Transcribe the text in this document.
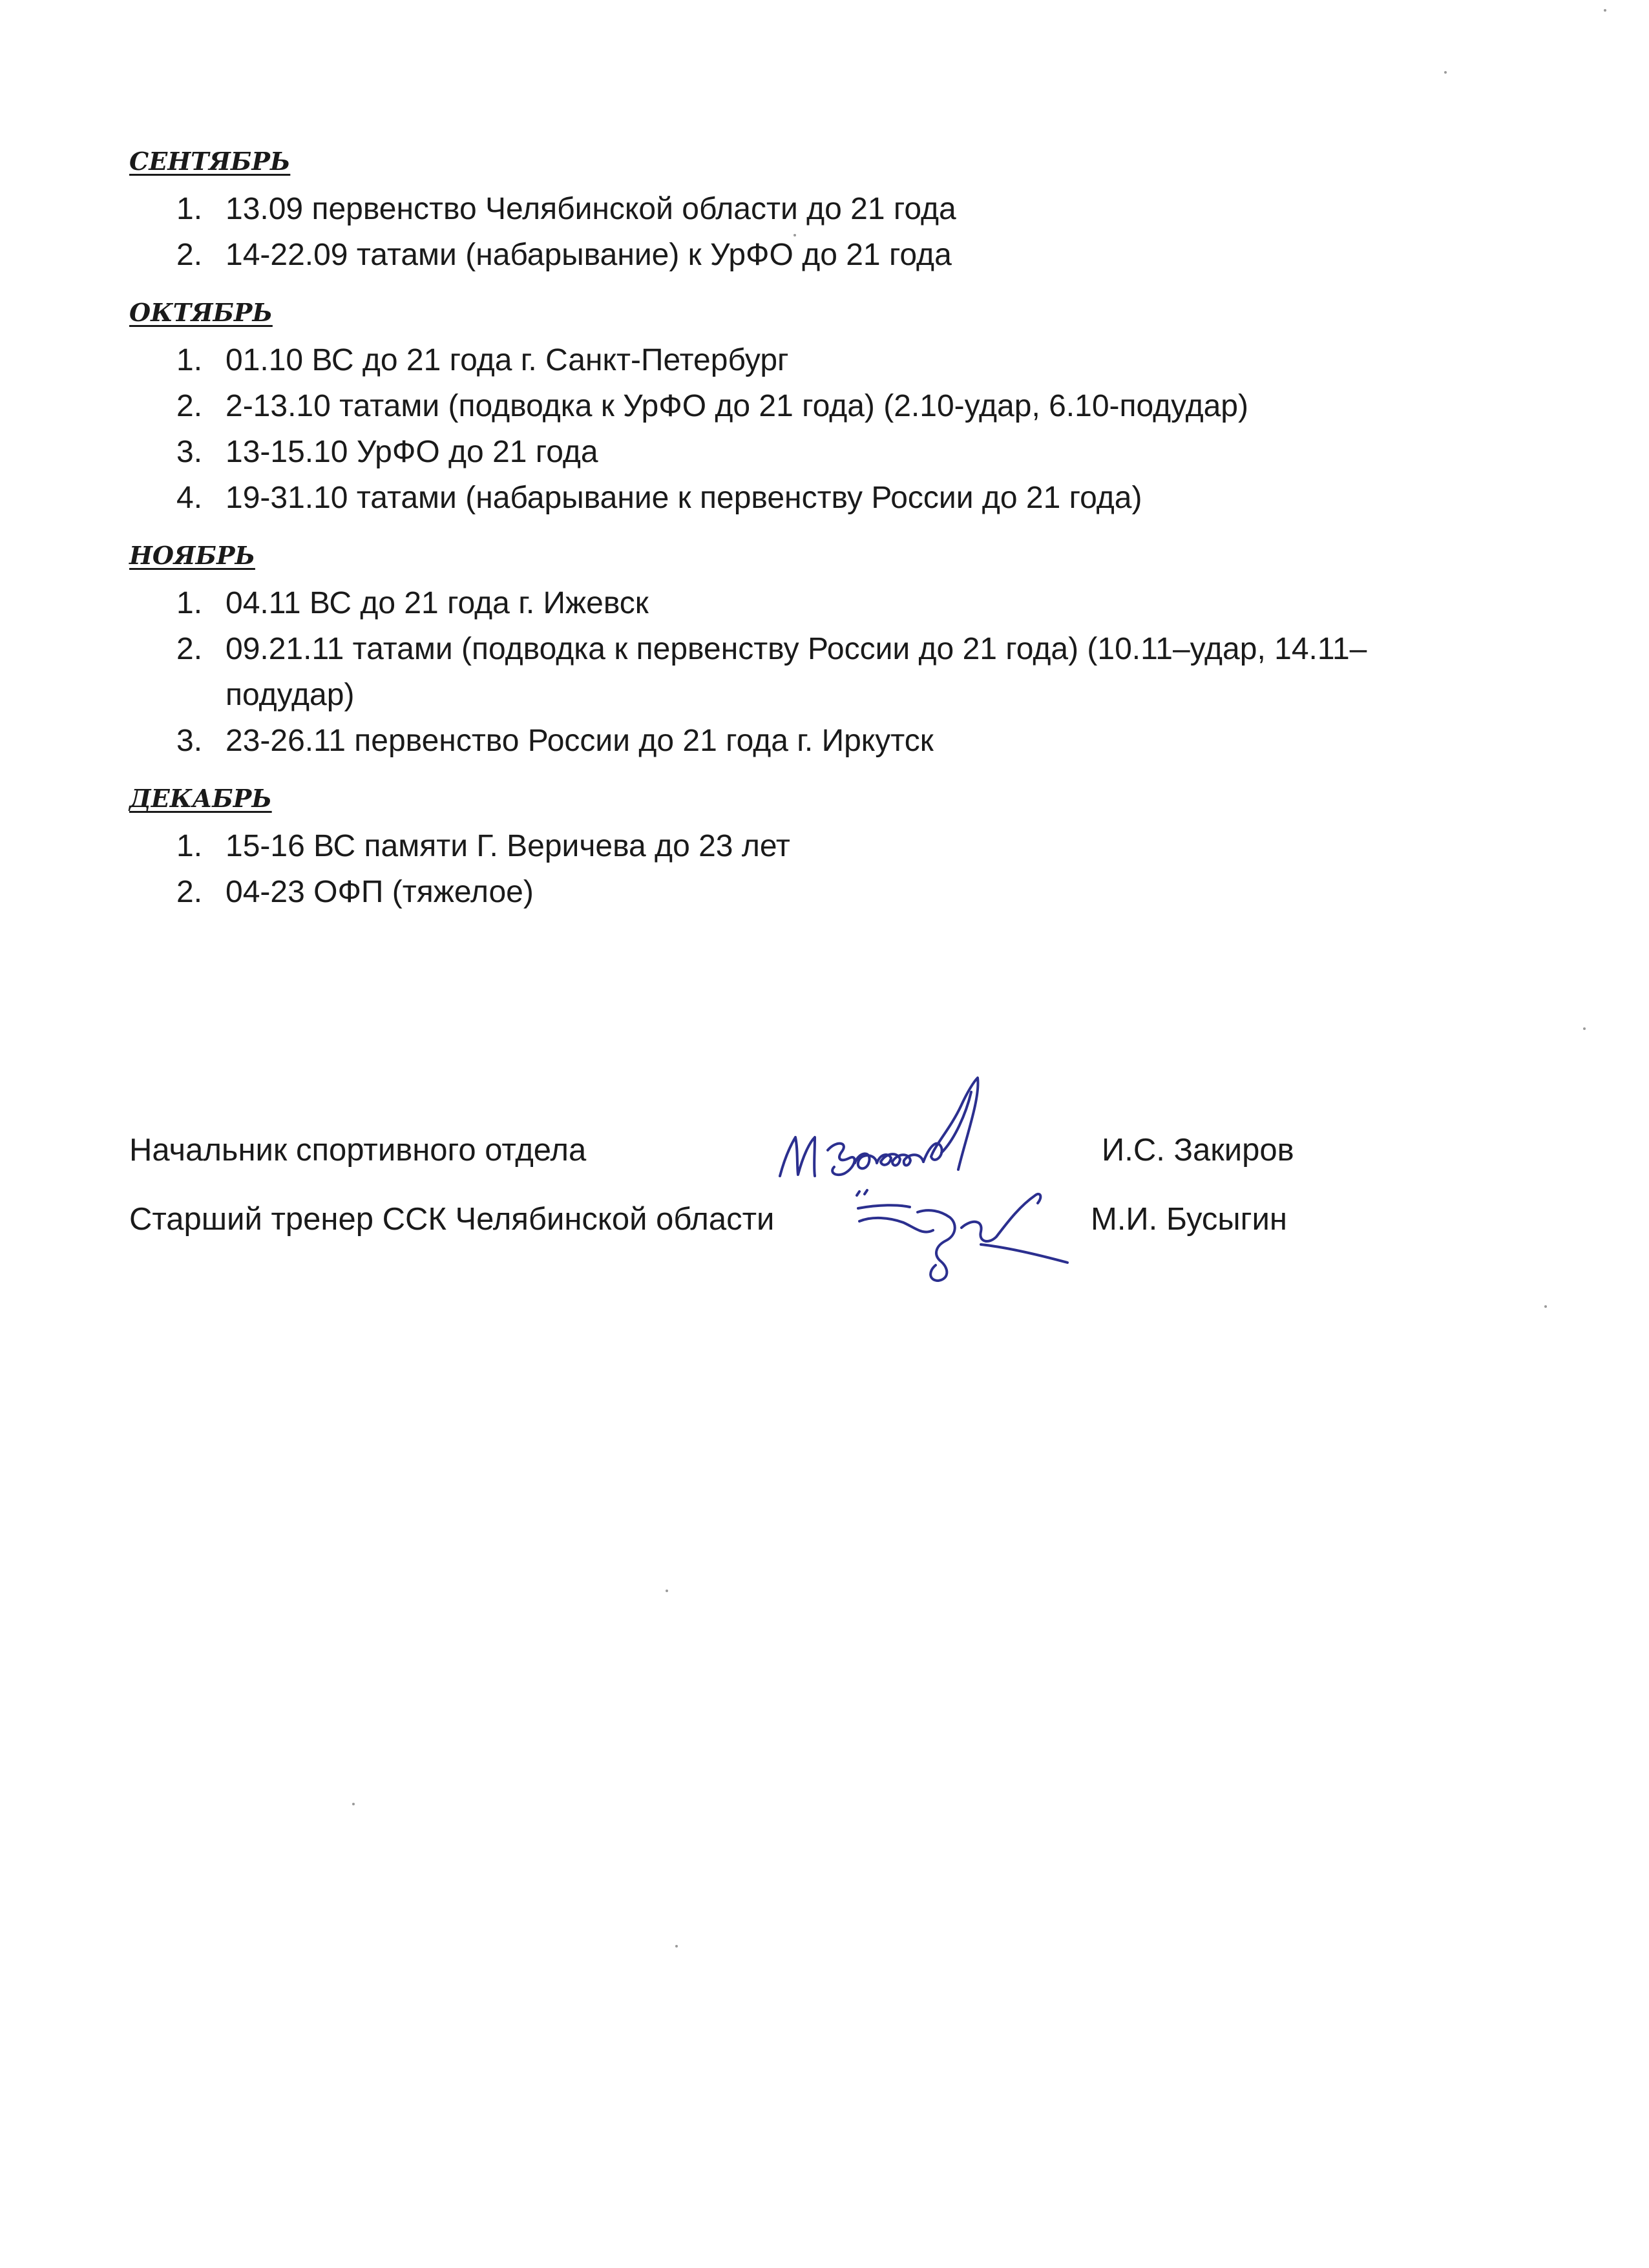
СЕНТЯБРЬ
1. 13.09 первенство Челябинской области до 21 года
2. 14-22.09 татами (набарывание) к УрФО до 21 года
ОКТЯБРЬ
1. 01.10 ВС до 21 года г. Санкт-Петербург
2. 2-13.10 татами (подводка к УрФО до 21 года) (2.10-удар, 6.10-подудар)
3. 13-15.10 УрФО до 21 года
4. 19-31.10 татами (набарывание к первенству России до 21 года)
НОЯБРЬ
1. 04.11 ВС до 21 года г. Ижевск
2. 09.21.11 татами (подводка к первенству России до 21 года) (10.11–удар, 14.11–подудар)
3. 23-26.11 первенство России до 21 года г. Иркутск
ДЕКАБРЬ
1. 15-16 ВС памяти Г. Веричева до 23 лет
2. 04-23 ОФП (тяжелое)
Начальник спортивного отдела	И.С. Закиров
Старший тренер ССК Челябинской области	М.И. Бусыгин
